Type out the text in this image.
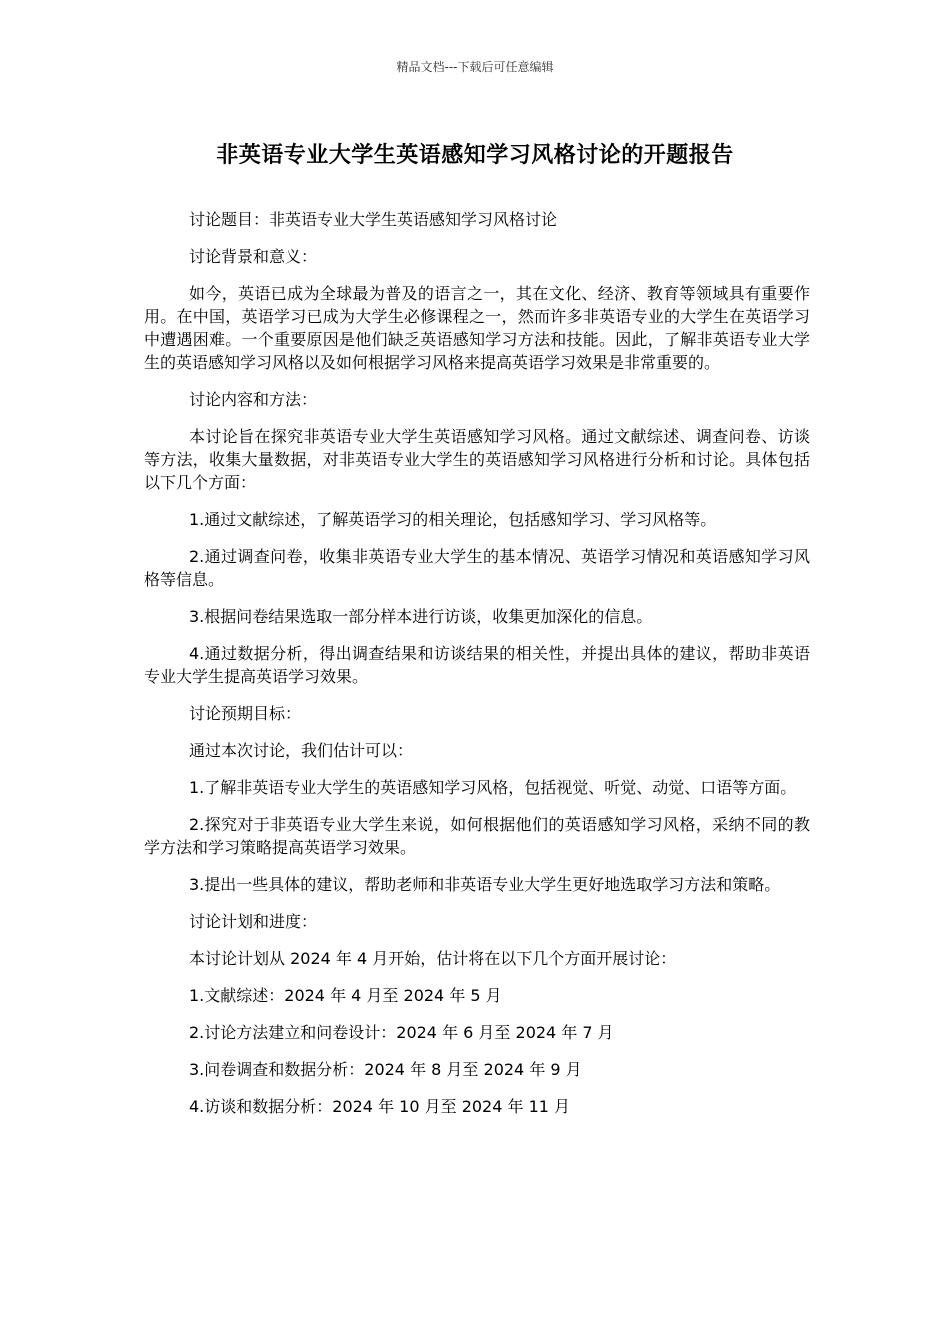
精品文档---下载后可任意编辑
非英语专业大学生英语感知学习风格讨论的开题报告

讨论题目：非英语专业大学生英语感知学习风格讨论

讨论背景和意义：

如今，英语已成为全球最为普及的语言之一，其在文化、经济、教育等领域具有重要作用。在中国，英语学习已成为大学生必修课程之一，然而许多非英语专业的大学生在英语学习中遭遇困难。一个重要原因是他们缺乏英语感知学习方法和技能。因此，了解非英语专业大学生的英语感知学习风格以及如何根据学习风格来提高英语学习效果是非常重要的。

讨论内容和方法：

本讨论旨在探究非英语专业大学生英语感知学习风格。通过文献综述、调查问卷、访谈等方法，收集大量数据，对非英语专业大学生的英语感知学习风格进行分析和讨论。具体包括以下几个方面：

1.通过文献综述，了解英语学习的相关理论，包括感知学习、学习风格等。

2.通过调查问卷，收集非英语专业大学生的基本情况、英语学习情况和英语感知学习风格等信息。

3.根据问卷结果选取一部分样本进行访谈，收集更加深化的信息。

4.通过数据分析，得出调查结果和访谈结果的相关性，并提出具体的建议，帮助非英语专业大学生提高英语学习效果。

讨论预期目标：

通过本次讨论，我们估计可以：

1.了解非英语专业大学生的英语感知学习风格，包括视觉、听觉、动觉、口语等方面。

2.探究对于非英语专业大学生来说，如何根据他们的英语感知学习风格，采纳不同的教学方法和学习策略提高英语学习效果。

3.提出一些具体的建议，帮助老师和非英语专业大学生更好地选取学习方法和策略。

讨论计划和进度：

本讨论计划从 2024 年 4 月开始，估计将在以下几个方面开展讨论：

1.文献综述：2024 年 4 月至 2024 年 5 月

2.讨论方法建立和问卷设计：2024 年 6 月至 2024 年 7 月

3.问卷调查和数据分析：2024 年 8 月至 2024 年 9 月

4.访谈和数据分析：2024 年 10 月至 2024 年 11 月
